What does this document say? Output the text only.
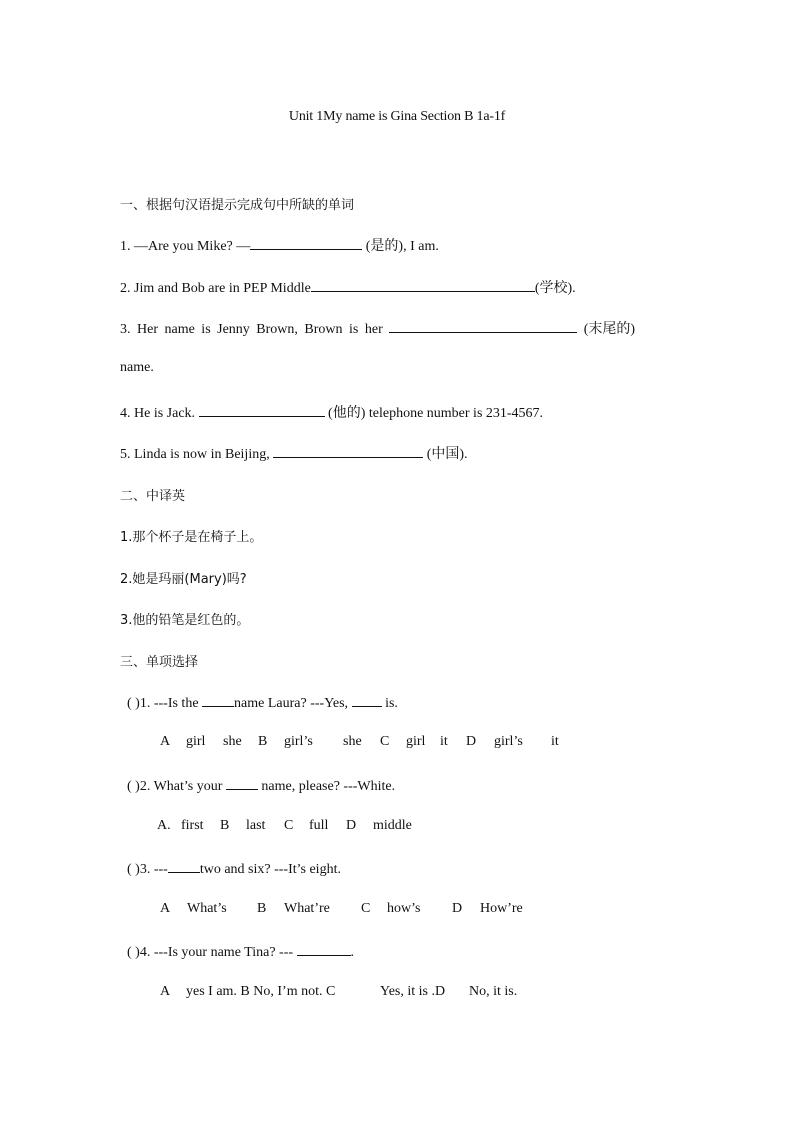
Unit 1My name is Gina Section B 1a-1f
一、根据句汉语提示完成句中所缺的单词
1. —Are you Mike? —	(是的), I am.
2. Jim and Bob are in PEP Middle	(学校).
3. Her name is Jenny Brown, Brown is her	(末尾的)
name.
4. He is Jack.	(他的) telephone number is 231-4567.
5. Linda is now in Beijing,	(中国).
二、中译英
1.那个杯子是在椅子上。
2.她是玛丽(Mary)吗?
3.他的铅笔是红色的。
三、单项选择
( )1. ---Is the name Laura? ---Yes,  is.
A girl she B girl’s she C girl it D girl’s it
( )2. What’s your  name, please? ---White.
A. first B last C full D middle
( )3. --- two and six? ---It’s eight.
A What’s B What’re C how’s D How’re
( )4. ---Is your name Tina? ---	.
A yes I am. B No, I’m not. C	Yes, it is .D No, it is.
